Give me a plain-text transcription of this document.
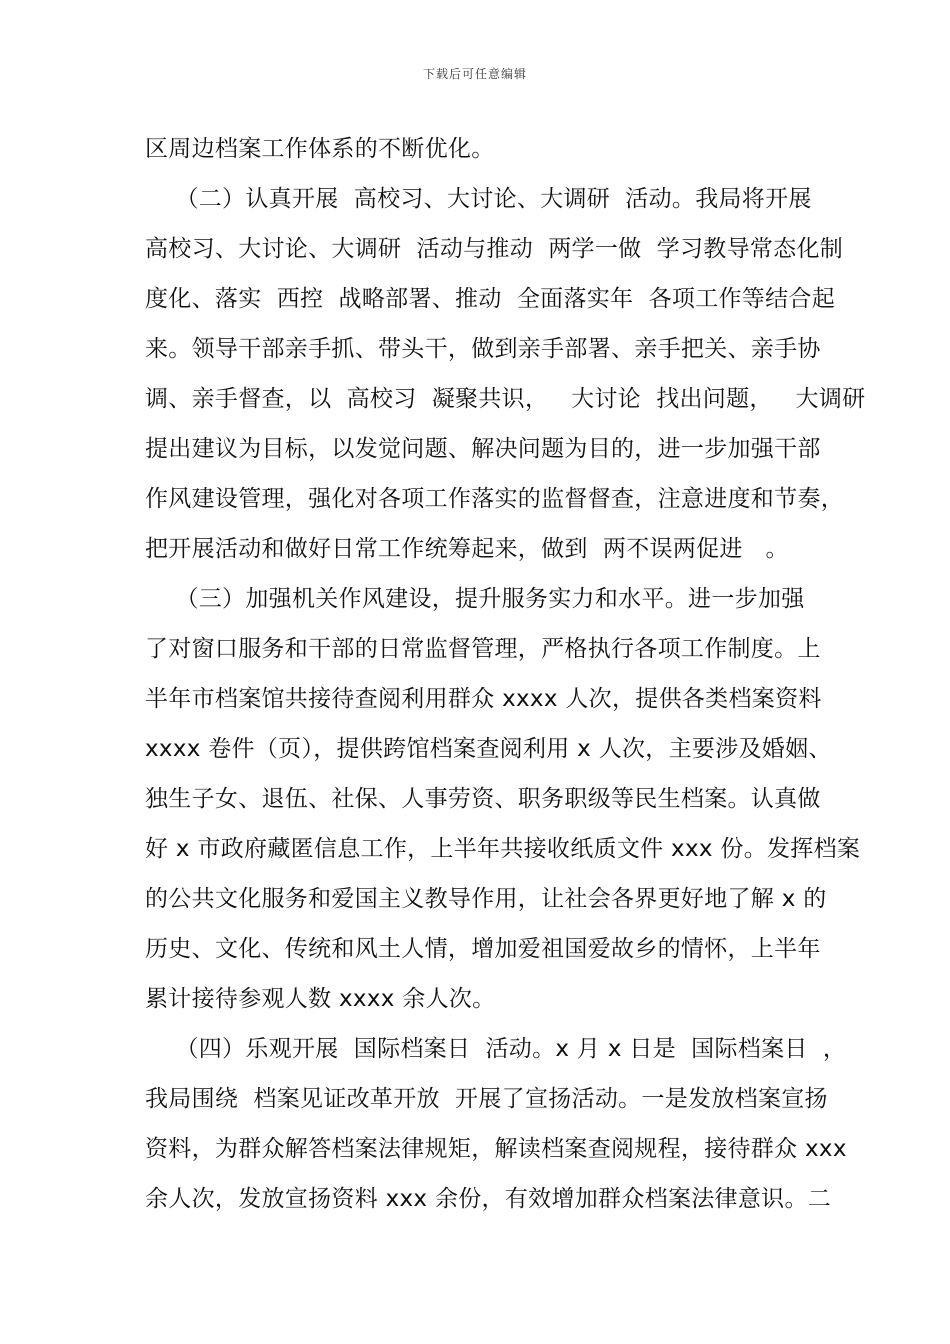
下载后可任意编辑
区周边档案工作体系的不断优化。
（二）认真开展  高校习、大讨论、大调研  活动。我局将开展
高校习、大讨论、大调研  活动与推动  两学一做  学习教导常态化制
度化、落实  西控  战略部署、推动  全面落实年  各项工作等结合起
来。领导干部亲手抓、带头干，做到亲手部署、亲手把关、亲手协
调、亲手督查，以  高校习  凝聚共识，   大讨论  找出问题，   大调研
提出建议为目标，以发觉问题、解决问题为目的，进一步加强干部
作风建设管理，强化对各项工作落实的监督督查，注意进度和节奏，
把开展活动和做好日常工作统筹起来，做到  两不误两促进   。
（三）加强机关作风建设，提升服务实力和水平。进一步加强
了对窗口服务和干部的日常监督管理，严格执行各项工作制度。上
半年市档案馆共接待查阅利用群众 xxxx 人次，提供各类档案资料
xxxx 卷件（页），提供跨馆档案查阅利用 x 人次，主要涉及婚姻、
独生子女、退伍、社保、人事劳资、职务职级等民生档案。认真做
好 x 市政府藏匿信息工作，上半年共接收纸质文件 xxx 份。发挥档案
的公共文化服务和爱国主义教导作用，让社会各界更好地了解 x 的
历史、文化、传统和风土人情，增加爱祖国爱故乡的情怀，上半年
累计接待参观人数 xxxx 余人次。
（四）乐观开展  国际档案日  活动。x 月 x 日是  国际档案日  ，
我局围绕  档案见证改革开放  开展了宣扬活动。一是发放档案宣扬
资料，为群众解答档案法律规矩，解读档案查阅规程，接待群众 xxx
余人次，发放宣扬资料 xxx 余份，有效增加群众档案法律意识。二
